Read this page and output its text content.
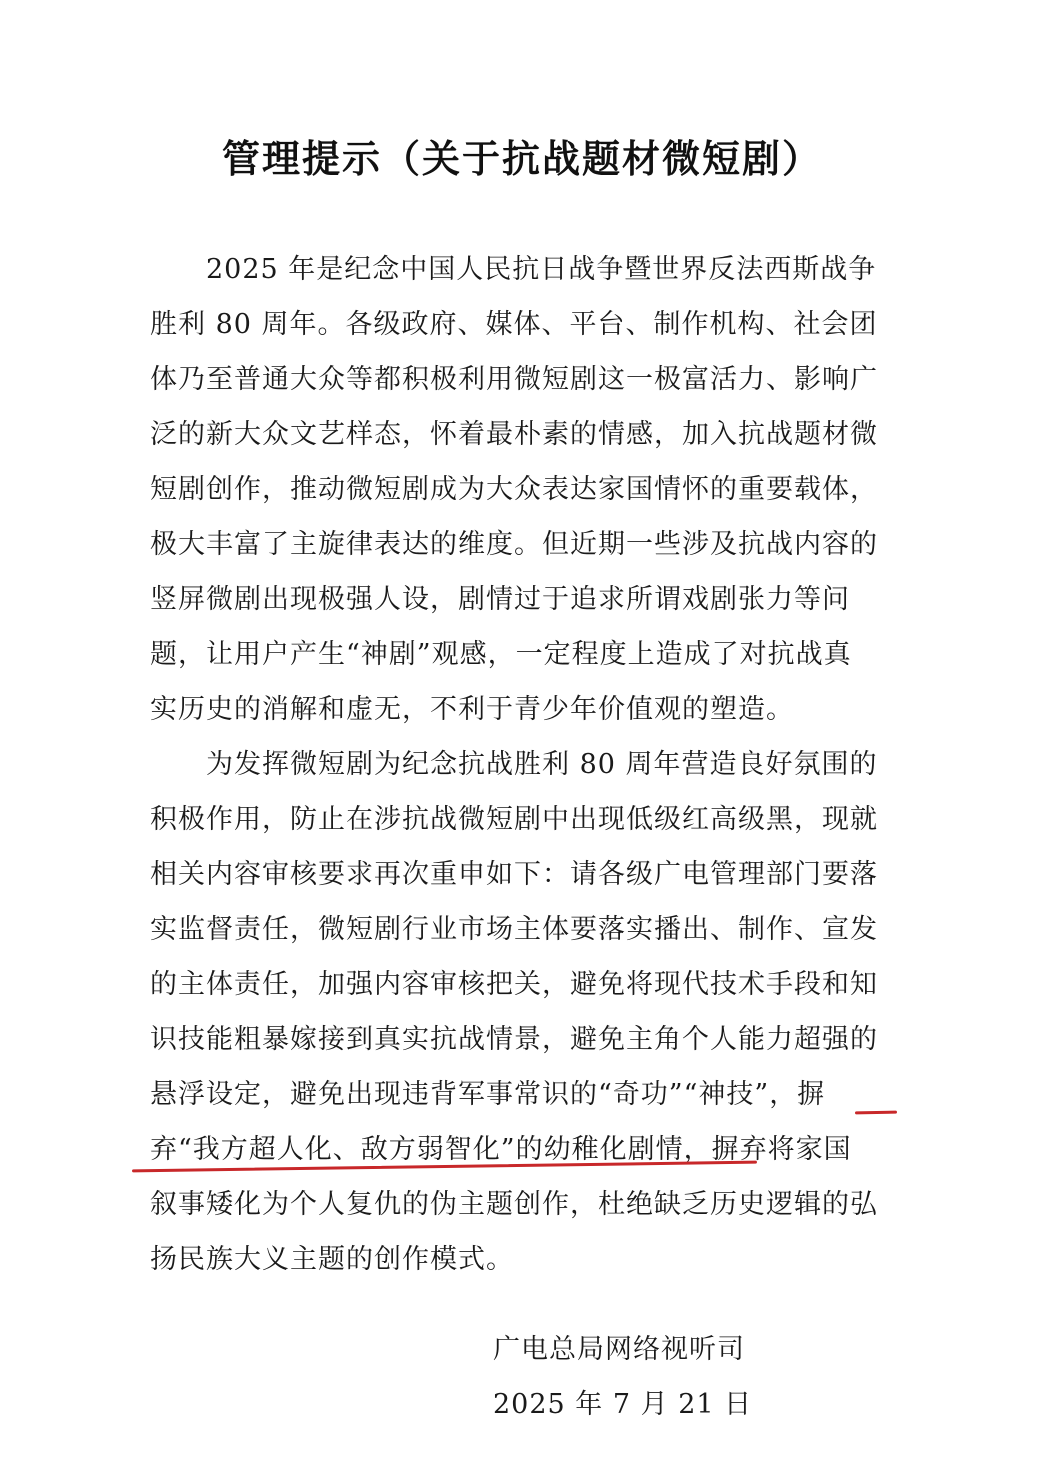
管理提示（关于抗战题材微短剧）
2025 年是纪念中国人民抗日战争暨世界反法西斯战争
胜利 80 周年。各级政府、媒体、平台、制作机构、社会团
体乃至普通大众等都积极利用微短剧这一极富活力、影响广
泛的新大众文艺样态，怀着最朴素的情感，加入抗战题材微
短剧创作，推动微短剧成为大众表达家国情怀的重要载体，
极大丰富了主旋律表达的维度。但近期一些涉及抗战内容的
竖屏微剧出现极强人设，剧情过于追求所谓戏剧张力等问
题，让用户产生“神剧”观感，一定程度上造成了对抗战真
实历史的消解和虚无，不利于青少年价值观的塑造。
为发挥微短剧为纪念抗战胜利 80 周年营造良好氛围的
积极作用，防止在涉抗战微短剧中出现低级红高级黑，现就
相关内容审核要求再次重申如下：请各级广电管理部门要落
实监督责任，微短剧行业市场主体要落实播出、制作、宣发
的主体责任，加强内容审核把关，避免将现代技术手段和知
识技能粗暴嫁接到真实抗战情景，避免主角个人能力超强的
悬浮设定，避免出现违背军事常识的“奇功”“神技”，摒
弃“我方超人化、敌方弱智化”的幼稚化剧情，摒弃将家国
叙事矮化为个人复仇的伪主题创作，杜绝缺乏历史逻辑的弘
扬民族大义主题的创作模式。
广电总局网络视听司
2025 年 7 月 21 日
